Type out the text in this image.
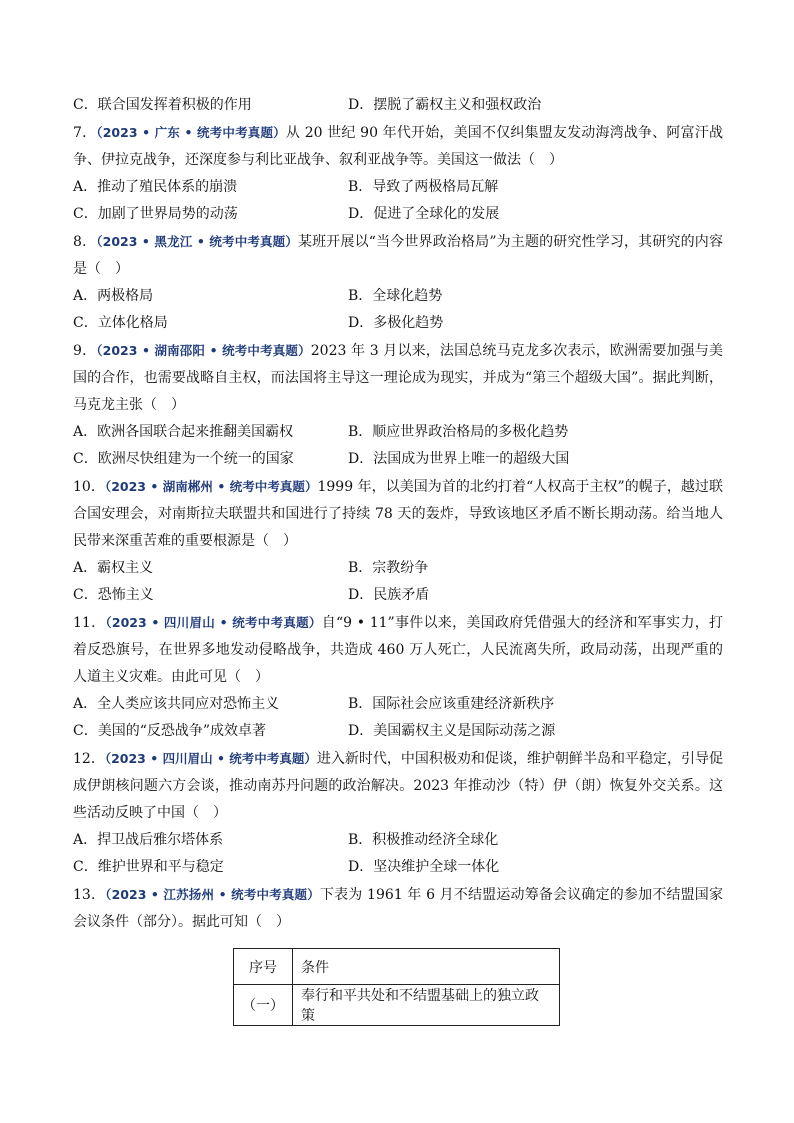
C．联合国发挥着积极的作用	D．摆脱了霸权主义和强权政治
7．（2023 • 广东 • 统考中考真题）从 20 世纪 90 年代开始，美国不仅纠集盟友发动海湾战争、阿富汗战争、伊拉克战争，还深度参与利比亚战争、叙利亚战争等。美国这一做法（　）
A．推动了殖民体系的崩溃	B．导致了两极格局瓦解
C．加剧了世界局势的动荡	D．促进了全球化的发展
8．（2023 • 黑龙江 • 统考中考真题）某班开展以“当今世界政治格局”为主题的研究性学习，其研究的内容是（　）
A．两极格局	B．全球化趋势
C．立体化格局	D．多极化趋势
9．（2023 • 湖南邵阳 • 统考中考真题）2023 年 3 月以来，法国总统马克龙多次表示，欧洲需要加强与美国的合作，也需要战略自主权，而法国将主导这一理论成为现实，并成为“第三个超级大国”。据此判断，马克龙主张（　）
A．欧洲各国联合起来推翻美国霸权	B．顺应世界政治格局的多极化趋势
C．欧洲尽快组建为一个统一的国家	D．法国成为世界上唯一的超级大国
10．（2023 • 湖南郴州 • 统考中考真题）1999 年，以美国为首的北约打着“人权高于主权”的幌子，越过联合国安理会，对南斯拉夫联盟共和国进行了持续 78 天的轰炸，导致该地区矛盾不断长期动荡。给当地人民带来深重苦难的重要根源是（　）
A．霸权主义	B．宗教纷争
C．恐怖主义	D．民族矛盾
11．（2023 • 四川眉山 • 统考中考真题）自“9 • 11”事件以来，美国政府凭借强大的经济和军事实力，打着反恐旗号，在世界多地发动侵略战争，共造成 460 万人死亡，人民流离失所，政局动荡，出现严重的人道主义灾难。由此可见（　）
A．全人类应该共同应对恐怖主义	B．国际社会应该重建经济新秩序
C．美国的“反恐战争”成效卓著	D．美国霸权主义是国际动荡之源
12．（2023 • 四川眉山 • 统考中考真题）进入新时代，中国积极劝和促谈，维护朝鲜半岛和平稳定，引导促成伊朗核问题六方会谈，推动南苏丹问题的政治解决。2023 年推动沙（特）伊（朗）恢复外交关系。这些活动反映了中国（　）
A．捍卫战后雅尔塔体系	B．积极推动经济全球化
C．维护世界和平与稳定	D．坚决维护全球一体化
13．（2023 • 江苏扬州 • 统考中考真题）下表为 1961 年 6 月不结盟运动筹备会议确定的参加不结盟国家会议条件（部分）。据此可知（　）
序号	条件
（一）	奉行和平共处和不结盟基础上的独立政策
